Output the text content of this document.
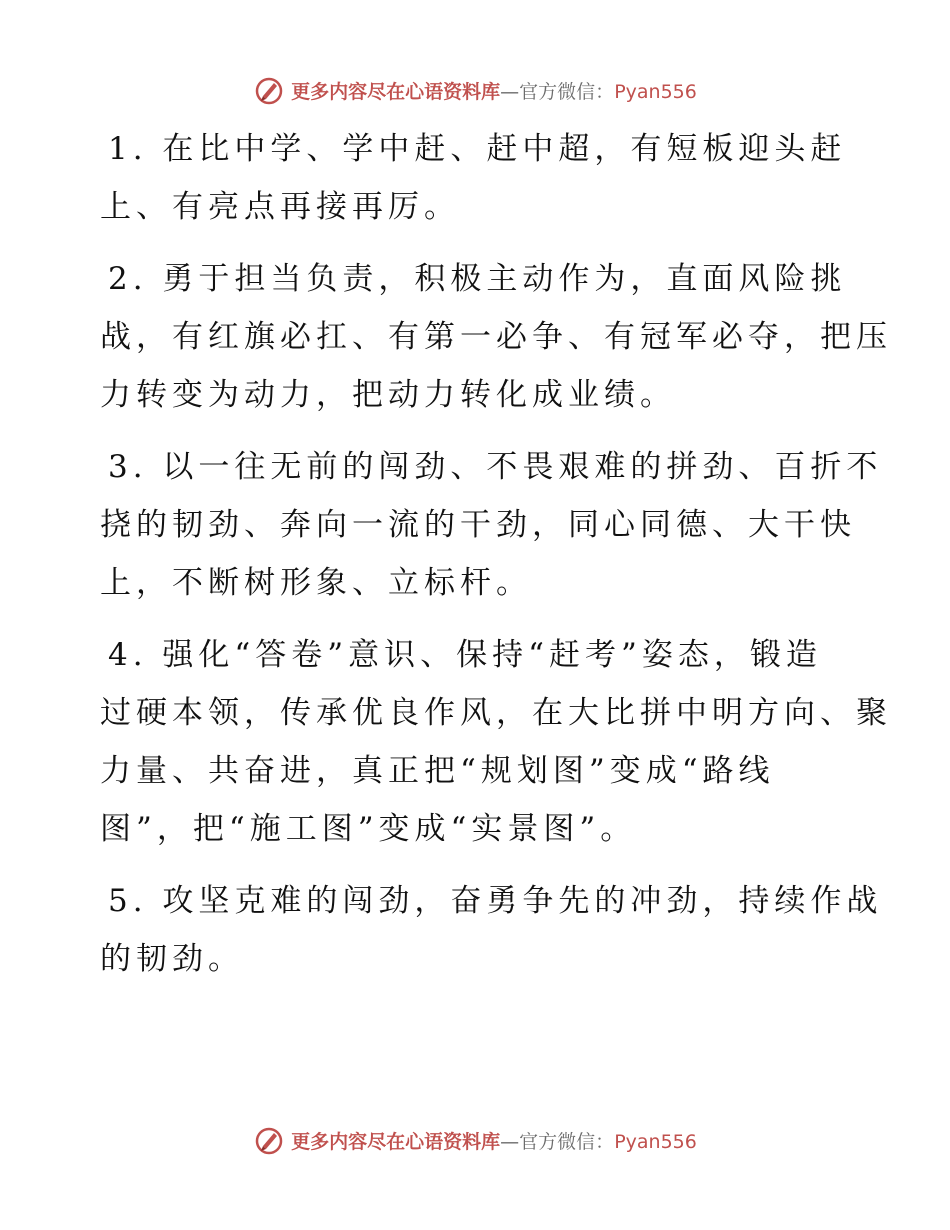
更多内容尽在心语资料库—官方微信：Pyan556
1. 在比中学、学中赶、赶中超，有短板迎头赶
上、有亮点再接再厉。
2. 勇于担当负责，积极主动作为，直面风险挑
战，有红旗必扛、有第一必争、有冠军必夺，把压
力转变为动力，把动力转化成业绩。
3. 以一往无前的闯劲、不畏艰难的拼劲、百折不
挠的韧劲、奔向一流的干劲，同心同德、大干快
上，不断树形象、立标杆。
4. 强化“答卷”意识、保持“赶考”姿态，锻造
过硬本领，传承优良作风，在大比拼中明方向、聚
力量、共奋进，真正把“规划图”变成“路线
图”，把“施工图”变成“实景图”。
5. 攻坚克难的闯劲，奋勇争先的冲劲，持续作战
的韧劲。
更多内容尽在心语资料库—官方微信：Pyan556
